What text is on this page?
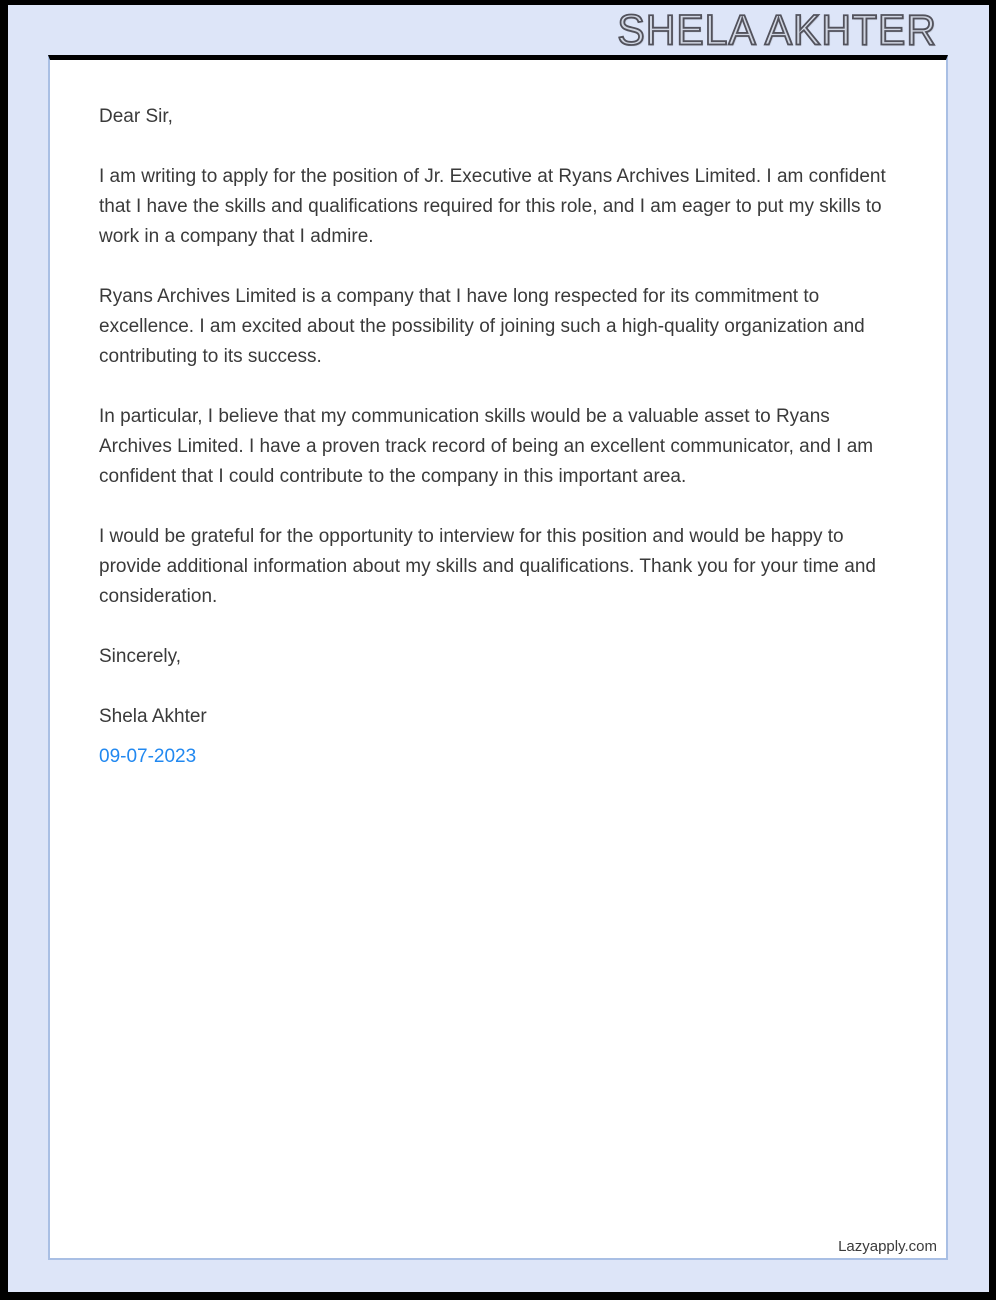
SHELA AKHTER

Dear Sir,

I am writing to apply for the position of Jr. Executive at Ryans Archives Limited. I am confident that I have the skills and qualifications required for this role, and I am eager to put my skills to work in a company that I admire.

Ryans Archives Limited is a company that I have long respected for its commitment to excellence. I am excited about the possibility of joining such a high-quality organization and contributing to its success.

In particular, I believe that my communication skills would be a valuable asset to Ryans Archives Limited. I have a proven track record of being an excellent communicator, and I am confident that I could contribute to the company in this important area.

I would be grateful for the opportunity to interview for this position and would be happy to provide additional information about my skills and qualifications. Thank you for your time and consideration.

Sincerely,

Shela Akhter

09-07-2023

Lazyapply.com
